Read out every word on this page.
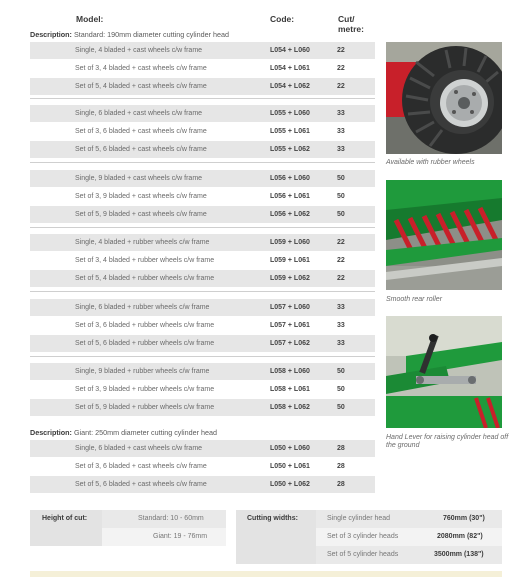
Model:	Code:	Cut/
metre:
Description: Standard: 190mm diameter cutting cylinder head
Single, 4 bladed + cast wheels c/w frame	L054 + L060	22
Set of 3, 4 bladed + cast wheels c/w frame	L054 + L061	22
Set of 5, 4 bladed + cast wheels c/w frame	L054 + L062	22
Single, 6 bladed + cast wheels c/w frame	L055 + L060	33
Set of 3, 6 bladed + cast wheels c/w frame	L055 + L061	33
Set of 5, 6 bladed + cast wheels c/w frame	L055 + L062	33
Single, 9 bladed + cast wheels c/w frame	L056 + L060	50
Set of 3, 9 bladed + cast wheels c/w frame	L056 + L061	50
Set of 5, 9 bladed + cast wheels c/w frame	L056 + L062	50
Single, 4 bladed + rubber wheels c/w frame	L059 + L060	22
Set of 3, 4 bladed + rubber wheels c/w frame	L059 + L061	22
Set of 5, 4 bladed + rubber wheels c/w frame	L059 + L062	22
Single, 6 bladed + rubber wheels c/w frame	L057 + L060	33
Set of 3, 6 bladed + rubber wheels c/w frame	L057 + L061	33
Set of 5, 6 bladed + rubber wheels c/w frame	L057 + L062	33
Single, 9 bladed + rubber wheels c/w frame	L058 + L060	50
Set of 3, 9 bladed + rubber wheels c/w frame	L058 + L061	50
Set of 5, 9 bladed + rubber wheels c/w frame	L058 + L062	50
Description: Giant: 250mm diameter cutting cylinder head
Single, 6 bladed + cast wheels c/w frame	L050 + L060	28
Set of 3, 6 bladed + cast wheels c/w frame	L050 + L061	28
Set of 5, 6 bladed + cast wheels c/w frame	L050 + L062	28
Available with rubber wheels
Smooth rear roller
Hand Lever for raising cylinder head off the ground
Height of cut:	Standard: 10 - 60mm
Giant: 19 - 76mm
Cutting widths:	Single cylinder head	760mm (30")
Set of 3 cylinder heads	2080mm (82")
Set of 5 cylinder heads	3500mm (138")
